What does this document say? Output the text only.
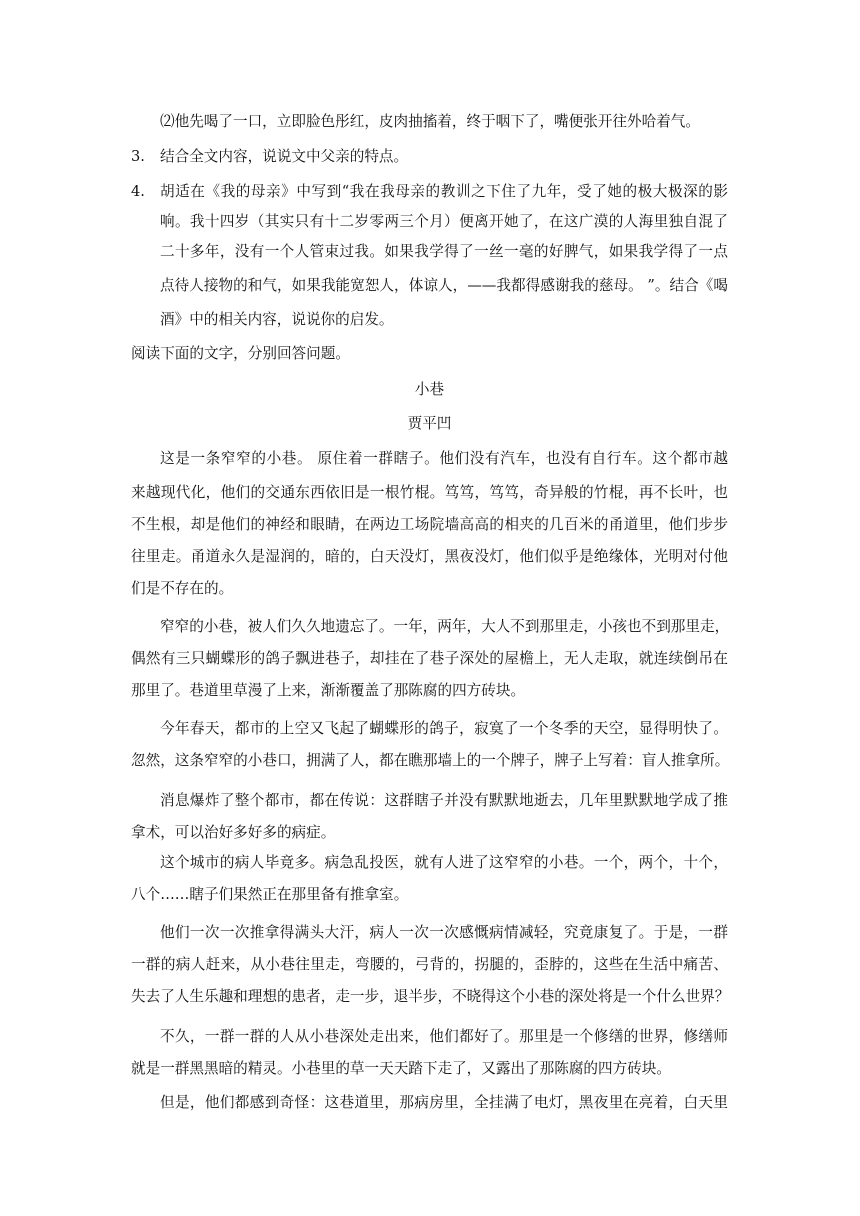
⑵他先喝了一口，立即脸色彤红，皮肉抽搐着，终于咽下了，嘴便张开往外哈着气。
3. 结合全文内容，说说文中父亲的特点。
4. 胡适在《我的母亲》中写到“我在我母亲的教训之下住了九年，受了她的极大极深的影
响。我十四岁（其实只有十二岁零两三个月）便离开她了，在这广漠的人海里独自混了
二十多年，没有一个人管束过我。如果我学得了一丝一毫的好脾气，如果我学得了一点
点待人接物的和气，如果我能宽恕人，体谅人，——我都得感谢我的慈母。 ”。结合《喝
酒》中的相关内容，说说你的启发。
阅读下面的文字，分别回答问题。
小巷
贾平凹
这是一条窄窄的小巷。 原住着一群瞎子。他们没有汽车，也没有自行车。这个都市越
来越现代化，他们的交通东西依旧是一根竹棍。笃笃，笃笃，奇异般的竹棍，再不长叶，也
不生根，却是他们的神经和眼睛，在两边工场院墙高高的相夹的几百米的甬道里，他们步步
往里走。甬道永久是湿润的，暗的，白天没灯，黑夜没灯，他们似乎是绝缘体，光明对付他
们是不存在的。
窄窄的小巷，被人们久久地遗忘了。一年，两年，大人不到那里走，小孩也不到那里走，
偶然有三只蝴蝶形的鸽子飘进巷子，却挂在了巷子深处的屋檐上，无人走取，就连续倒吊在
那里了。巷道里草漫了上来，渐渐覆盖了那陈腐的四方砖块。
今年春天，都市的上空又飞起了蝴蝶形的鸽子，寂寞了一个冬季的天空，显得明快了。
忽然，这条窄窄的小巷口，拥满了人，都在瞧那墙上的一个牌子，牌子上写着：盲人推拿所。
消息爆炸了整个都市，都在传说：这群瞎子并没有默默地逝去，几年里默默地学成了推
拿术，可以治好多好多的病症。
这个城市的病人毕竟多。病急乱投医，就有人进了这窄窄的小巷。一个，两个，十个，
八个……瞎子们果然正在那里备有推拿室。
他们一次一次推拿得满头大汗，病人一次一次感慨病情减轻，究竟康复了。于是，一群
一群的病人赶来，从小巷往里走，弯腰的，弓背的，拐腿的，歪脖的，这些在生活中痛苦、
失去了人生乐趣和理想的患者，走一步，退半步，不晓得这个小巷的深处将是一个什么世界？
不久，一群一群的人从小巷深处走出来，他们都好了。那里是一个修缮的世界，修缮师
就是一群黑黑暗的精灵。小巷里的草一天天踏下走了，又露出了那陈腐的四方砖块。
但是，他们都感到奇怪：这巷道里，那病房里，全挂满了电灯，黑夜里在亮着，白天里
